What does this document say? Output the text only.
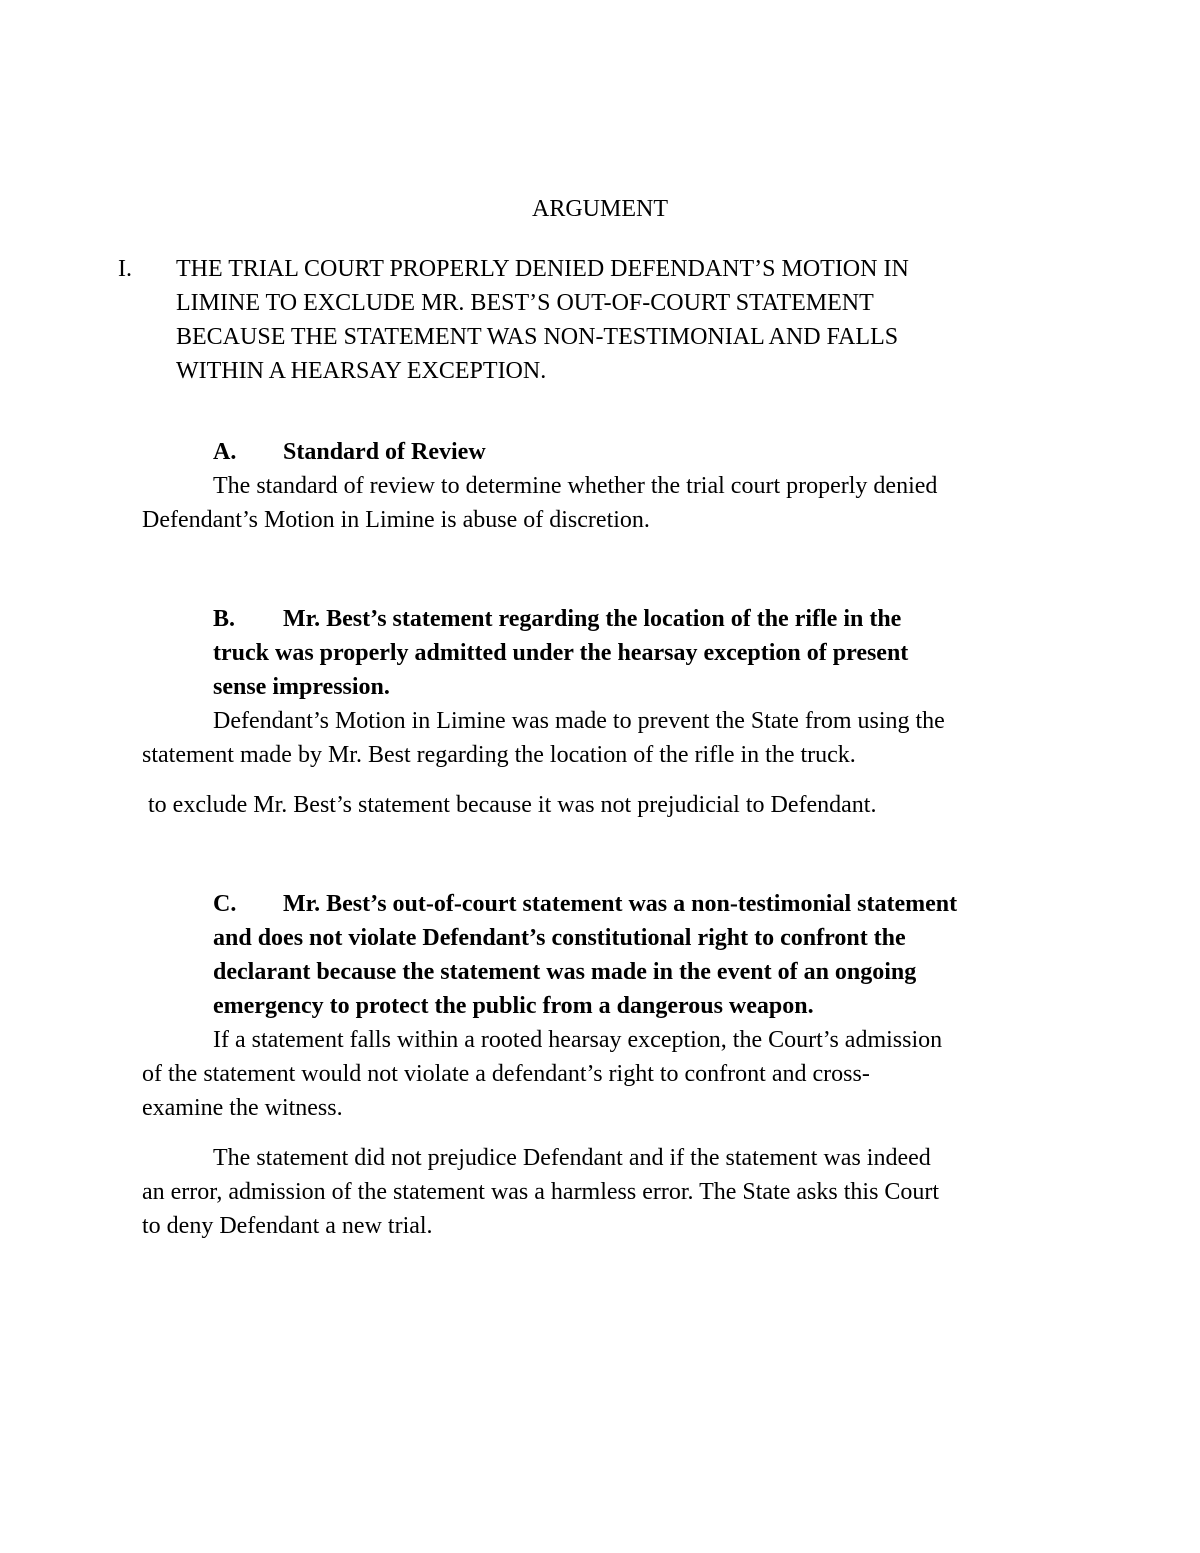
ARGUMENT
I. THE TRIAL COURT PROPERLY DENIED DEFENDANT’S MOTION IN
LIMINE TO EXCLUDE MR. BEST’S OUT-OF-COURT STATEMENT
BECAUSE THE STATEMENT WAS NON-TESTIMONIAL AND FALLS
WITHIN A HEARSAY EXCEPTION.
A. Standard of Review
The standard of review to determine whether the trial court properly denied
Defendant’s Motion in Limine is abuse of discretion.
B. Mr. Best’s statement regarding the location of the rifle in the
truck was properly admitted under the hearsay exception of present
sense impression.
Defendant’s Motion in Limine was made to prevent the State from using the
statement made by Mr. Best regarding the location of the rifle in the truck.
to exclude Mr. Best’s statement because it was not prejudicial to Defendant.
C. Mr. Best’s out-of-court statement was a non-testimonial statement
and does not violate Defendant’s constitutional right to confront the
declarant because the statement was made in the event of an ongoing
emergency to protect the public from a dangerous weapon.
If a statement falls within a rooted hearsay exception, the Court’s admission
of the statement would not violate a defendant’s right to confront and cross-
examine the witness.
The statement did not prejudice Defendant and if the statement was indeed
an error, admission of the statement was a harmless error. The State asks this Court
to deny Defendant a new trial.
